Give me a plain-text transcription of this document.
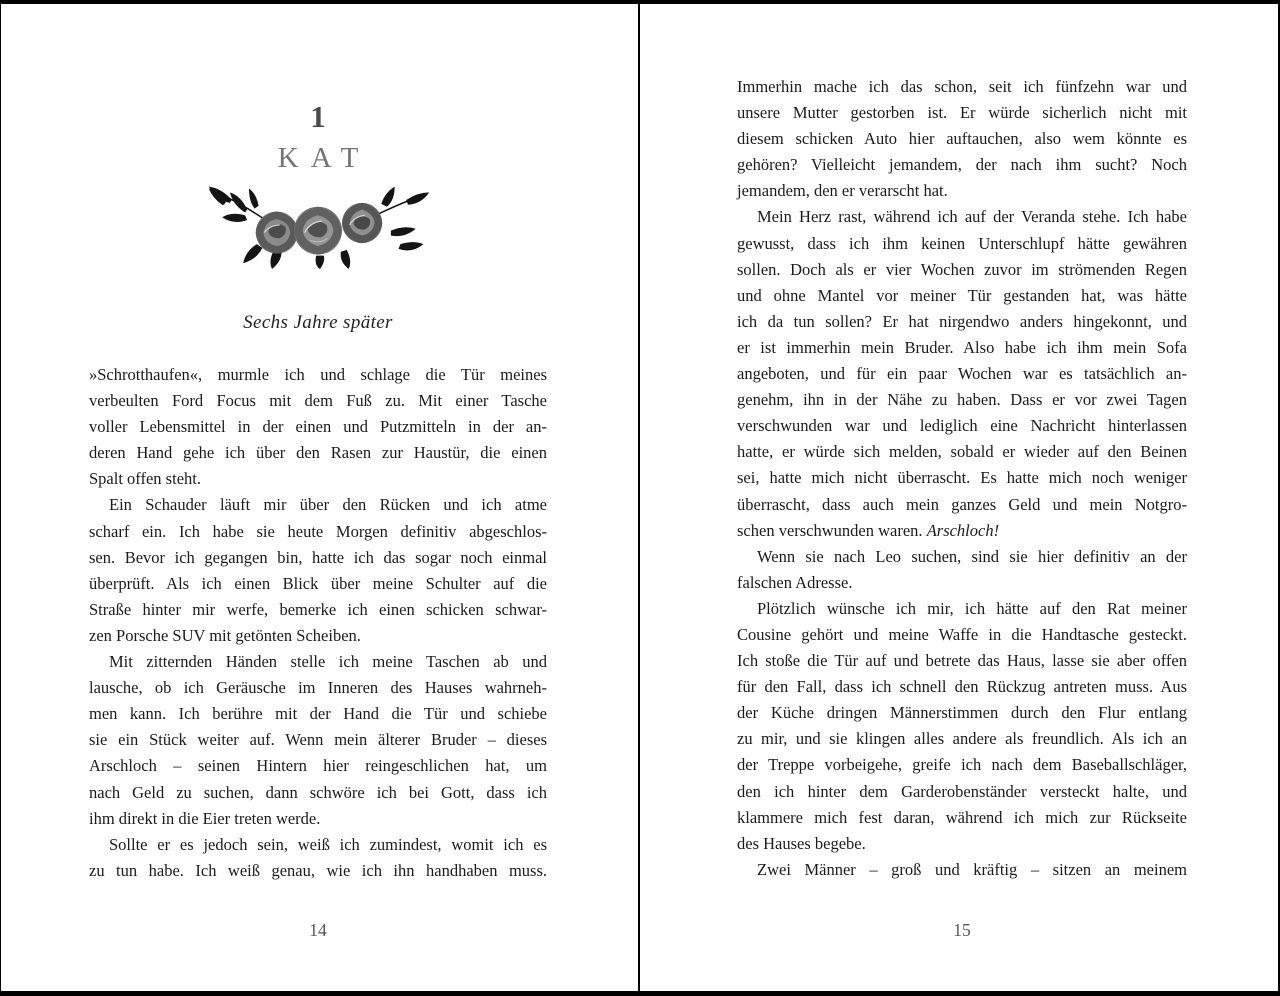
1
KAT
Sechs Jahre später
»Schrotthaufen«, murmle ich und schlage die Tür meines
verbeulten Ford Focus mit dem Fuß zu. Mit einer Tasche
voller Lebensmittel in der einen und Putzmitteln in der an-
deren Hand gehe ich über den Rasen zur Haustür, die einen
Spalt offen steht.
Ein Schauder läuft mir über den Rücken und ich atme
scharf ein. Ich habe sie heute Morgen definitiv abgeschlos-
sen. Bevor ich gegangen bin, hatte ich das sogar noch einmal
überprüft. Als ich einen Blick über meine Schulter auf die
Straße hinter mir werfe, bemerke ich einen schicken schwar-
zen Porsche SUV mit getönten Scheiben.
Mit zitternden Händen stelle ich meine Taschen ab und
lausche, ob ich Geräusche im Inneren des Hauses wahrneh-
men kann. Ich berühre mit der Hand die Tür und schiebe
sie ein Stück weiter auf. Wenn mein älterer Bruder – dieses
Arschloch – seinen Hintern hier reingeschlichen hat, um
nach Geld zu suchen, dann schwöre ich bei Gott, dass ich
ihm direkt in die Eier treten werde.
Sollte er es jedoch sein, weiß ich zumindest, womit ich es
zu tun habe. Ich weiß genau, wie ich ihn handhaben muss.
14
Immerhin mache ich das schon, seit ich fünfzehn war und
unsere Mutter gestorben ist. Er würde sicherlich nicht mit
diesem schicken Auto hier auftauchen, also wem könnte es
gehören? Vielleicht jemandem, der nach ihm sucht? Noch
jemandem, den er verarscht hat.
Mein Herz rast, während ich auf der Veranda stehe. Ich habe
gewusst, dass ich ihm keinen Unterschlupf hätte gewähren
sollen. Doch als er vier Wochen zuvor im strömenden Regen
und ohne Mantel vor meiner Tür gestanden hat, was hätte
ich da tun sollen? Er hat nirgendwo anders hingekonnt, und
er ist immerhin mein Bruder. Also habe ich ihm mein Sofa
angeboten, und für ein paar Wochen war es tatsächlich an-
genehm, ihn in der Nähe zu haben. Dass er vor zwei Tagen
verschwunden war und lediglich eine Nachricht hinterlassen
hatte, er würde sich melden, sobald er wieder auf den Beinen
sei, hatte mich nicht überrascht. Es hatte mich noch weniger
überrascht, dass auch mein ganzes Geld und mein Notgro-
schen verschwunden waren. Arschloch!
Wenn sie nach Leo suchen, sind sie hier definitiv an der
falschen Adresse.
Plötzlich wünsche ich mir, ich hätte auf den Rat meiner
Cousine gehört und meine Waffe in die Handtasche gesteckt.
Ich stoße die Tür auf und betrete das Haus, lasse sie aber offen
für den Fall, dass ich schnell den Rückzug antreten muss. Aus
der Küche dringen Männerstimmen durch den Flur entlang
zu mir, und sie klingen alles andere als freundlich. Als ich an
der Treppe vorbeigehe, greife ich nach dem Baseballschläger,
den ich hinter dem Garderobenständer versteckt halte, und
klammere mich fest daran, während ich mich zur Rückseite
des Hauses begebe.
Zwei Männer – groß und kräftig – sitzen an meinem
15
